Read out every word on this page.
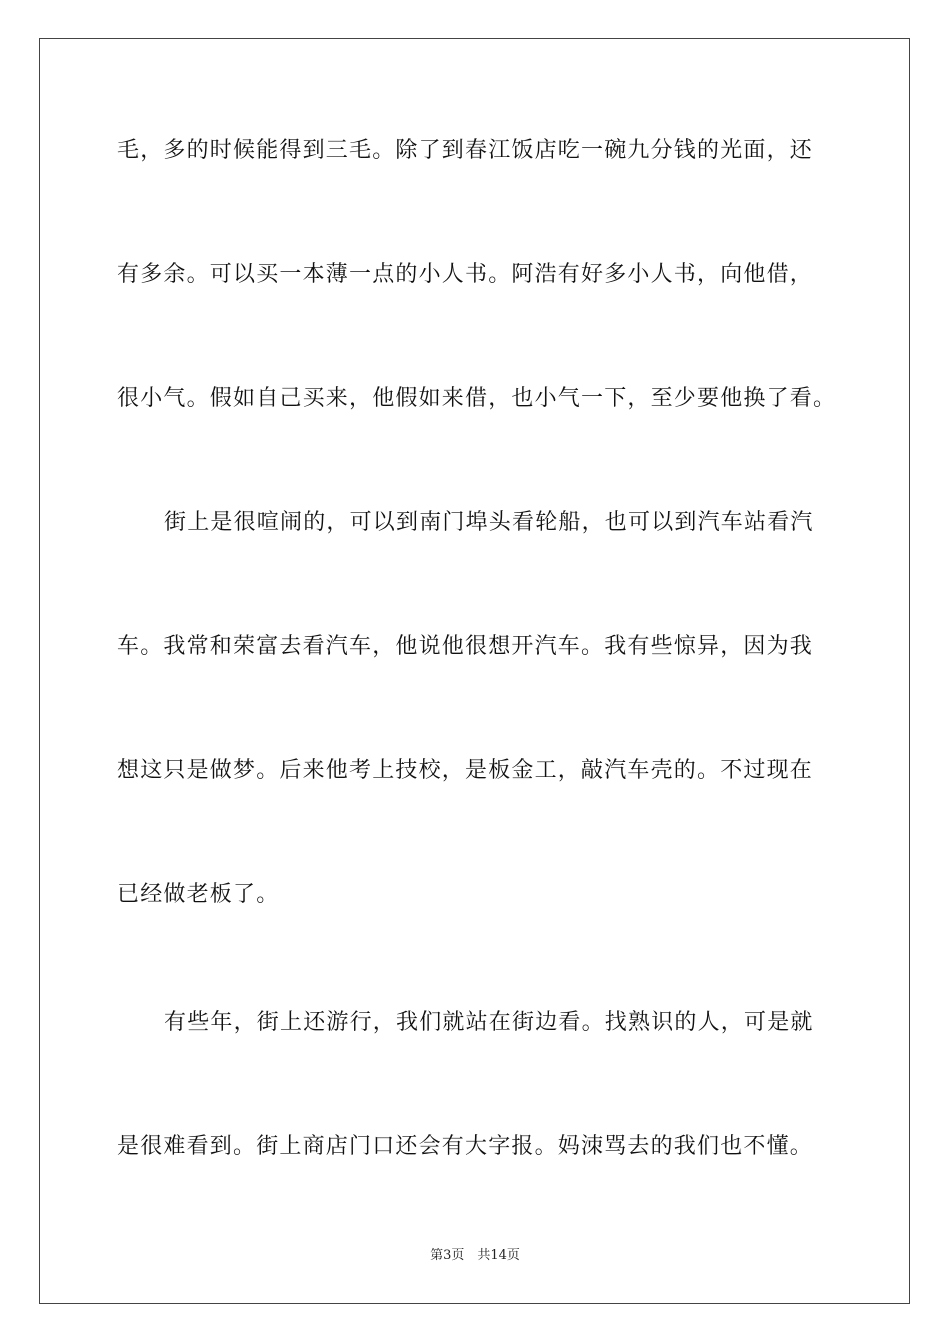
毛，多的时候能得到三毛。除了到春江饭店吃一碗九分钱的光面，还
有多余。可以买一本薄一点的小人书。阿浩有好多小人书，向他借，
很小气。假如自己买来，他假如来借，也小气一下，至少要他换了看。
街上是很喧闹的，可以到南门埠头看轮船，也可以到汽车站看汽
车。我常和荣富去看汽车，他说他很想开汽车。我有些惊异，因为我
想这只是做梦。后来他考上技校，是板金工，敲汽车壳的。不过现在
已经做老板了。
有些年，街上还游行，我们就站在街边看。找熟识的人，可是就
是很难看到。街上商店门口还会有大字报。妈洓骂去的我们也不懂。
第3页　共14页
